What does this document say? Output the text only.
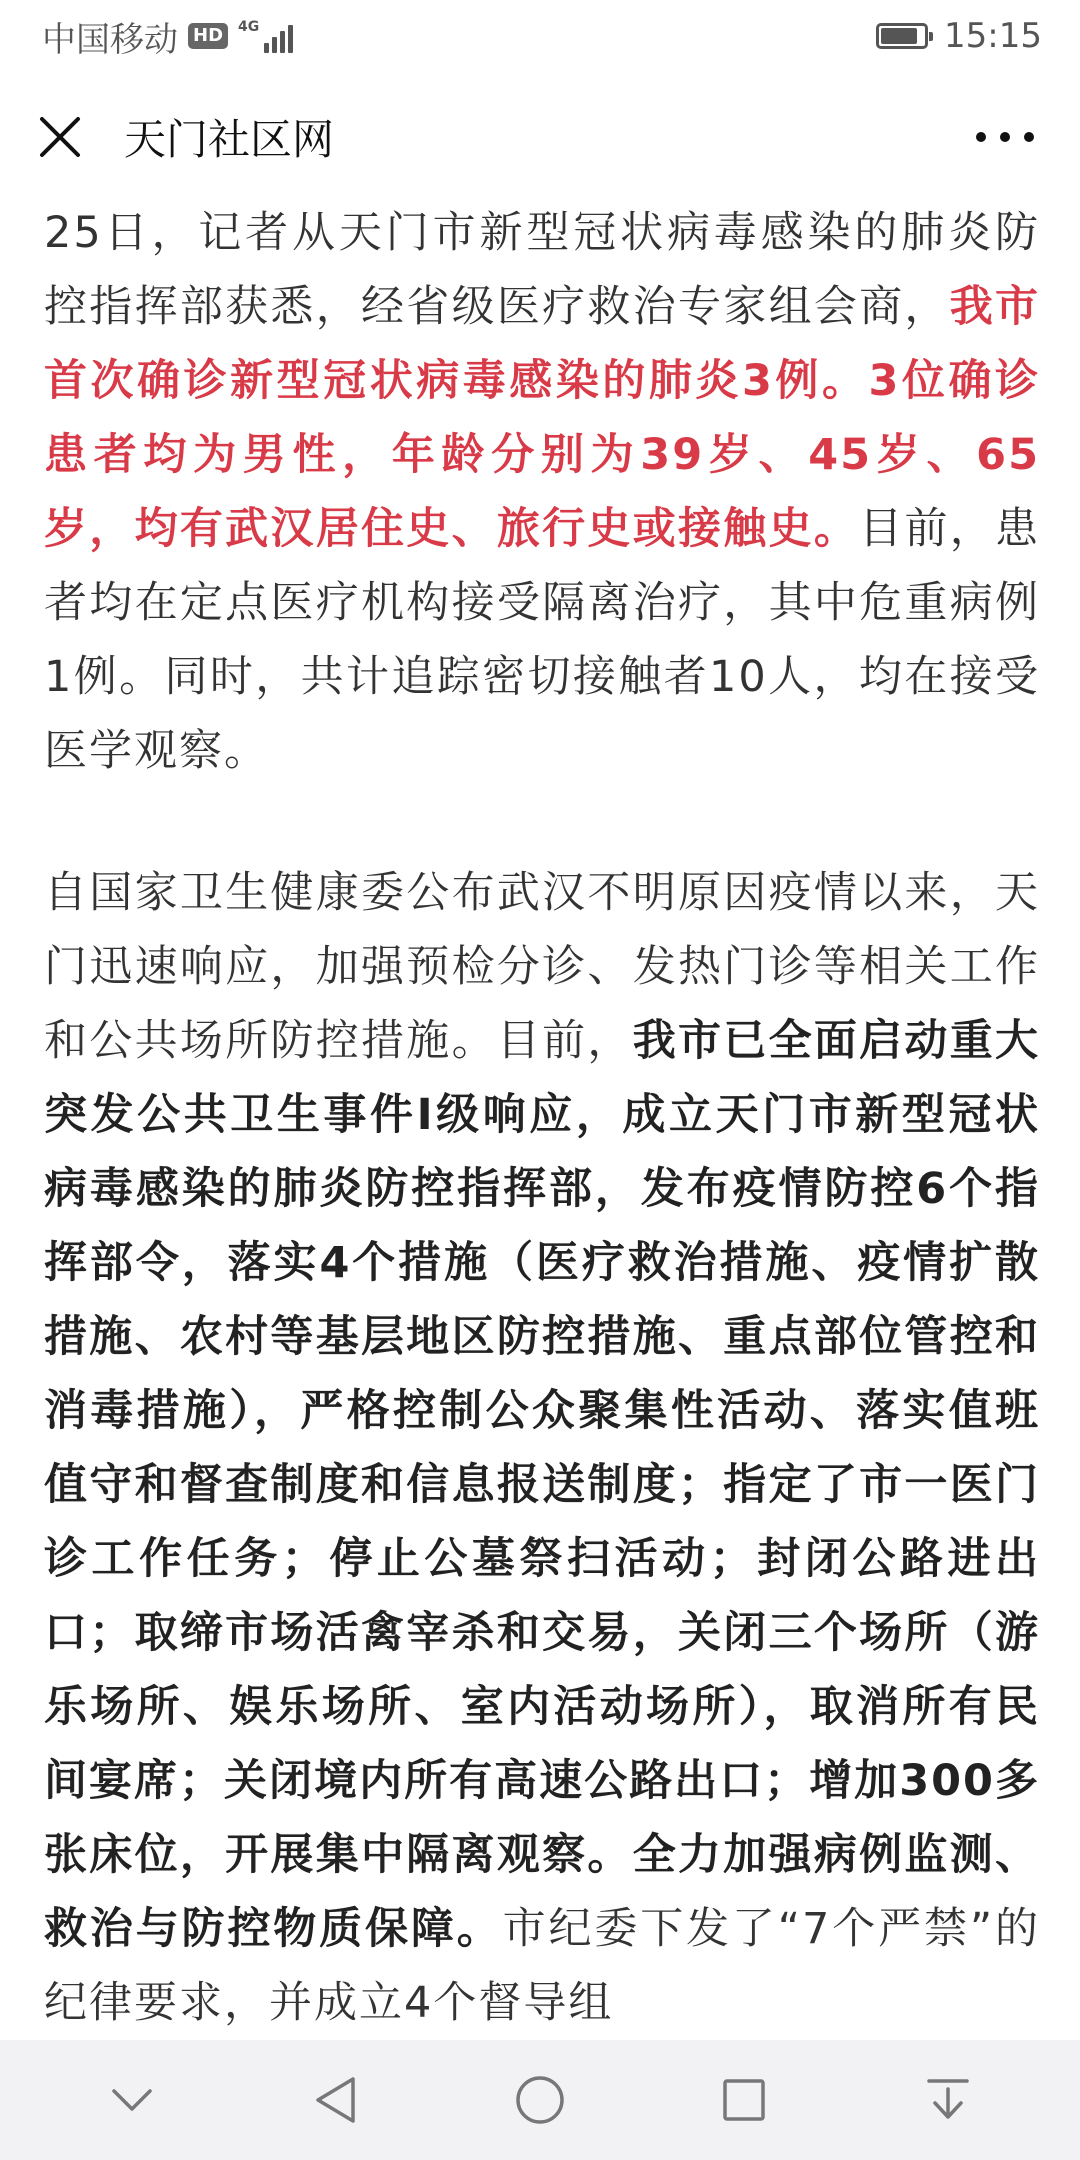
中国移动 HD	4G	15:15
天门社区网

25日，记者从天门市新型冠状病毒感染的肺炎防控指挥部获悉，经省级医疗救治专家组会商，我市首次确诊新型冠状病毒感染的肺炎3例。3位确诊患者均为男性，年龄分别为39岁、45岁、65岁，均有武汉居住史、旅行史或接触史。目前，患者均在定点医疗机构接受隔离治疗，其中危重病例1例。同时，共计追踪密切接触者10人，均在接受医学观察。

自国家卫生健康委公布武汉不明原因疫情以来，天门迅速响应，加强预检分诊、发热门诊等相关工作和公共场所防控措施。目前，我市已全面启动重大突发公共卫生事件I级响应，成立天门市新型冠状病毒感染的肺炎防控指挥部，发布疫情防控6个指挥部令，落实4个措施（医疗救治措施、疫情扩散措施、农村等基层地区防控措施、重点部位管控和消毒措施），严格控制公众聚集性活动、落实值班值守和督查制度和信息报送制度；指定了市一医门诊工作任务；停止公墓祭扫活动；封闭公路进出口；取缔市场活禽宰杀和交易，关闭三个场所（游乐场所、娱乐场所、室内活动场所），取消所有民间宴席；关闭境内所有高速公路出口；增加300多张床位，开展集中隔离观察。全力加强病例监测、救治与防控物质保障。市纪委下发了“7个严禁”的纪律要求，并成立4个督导组
